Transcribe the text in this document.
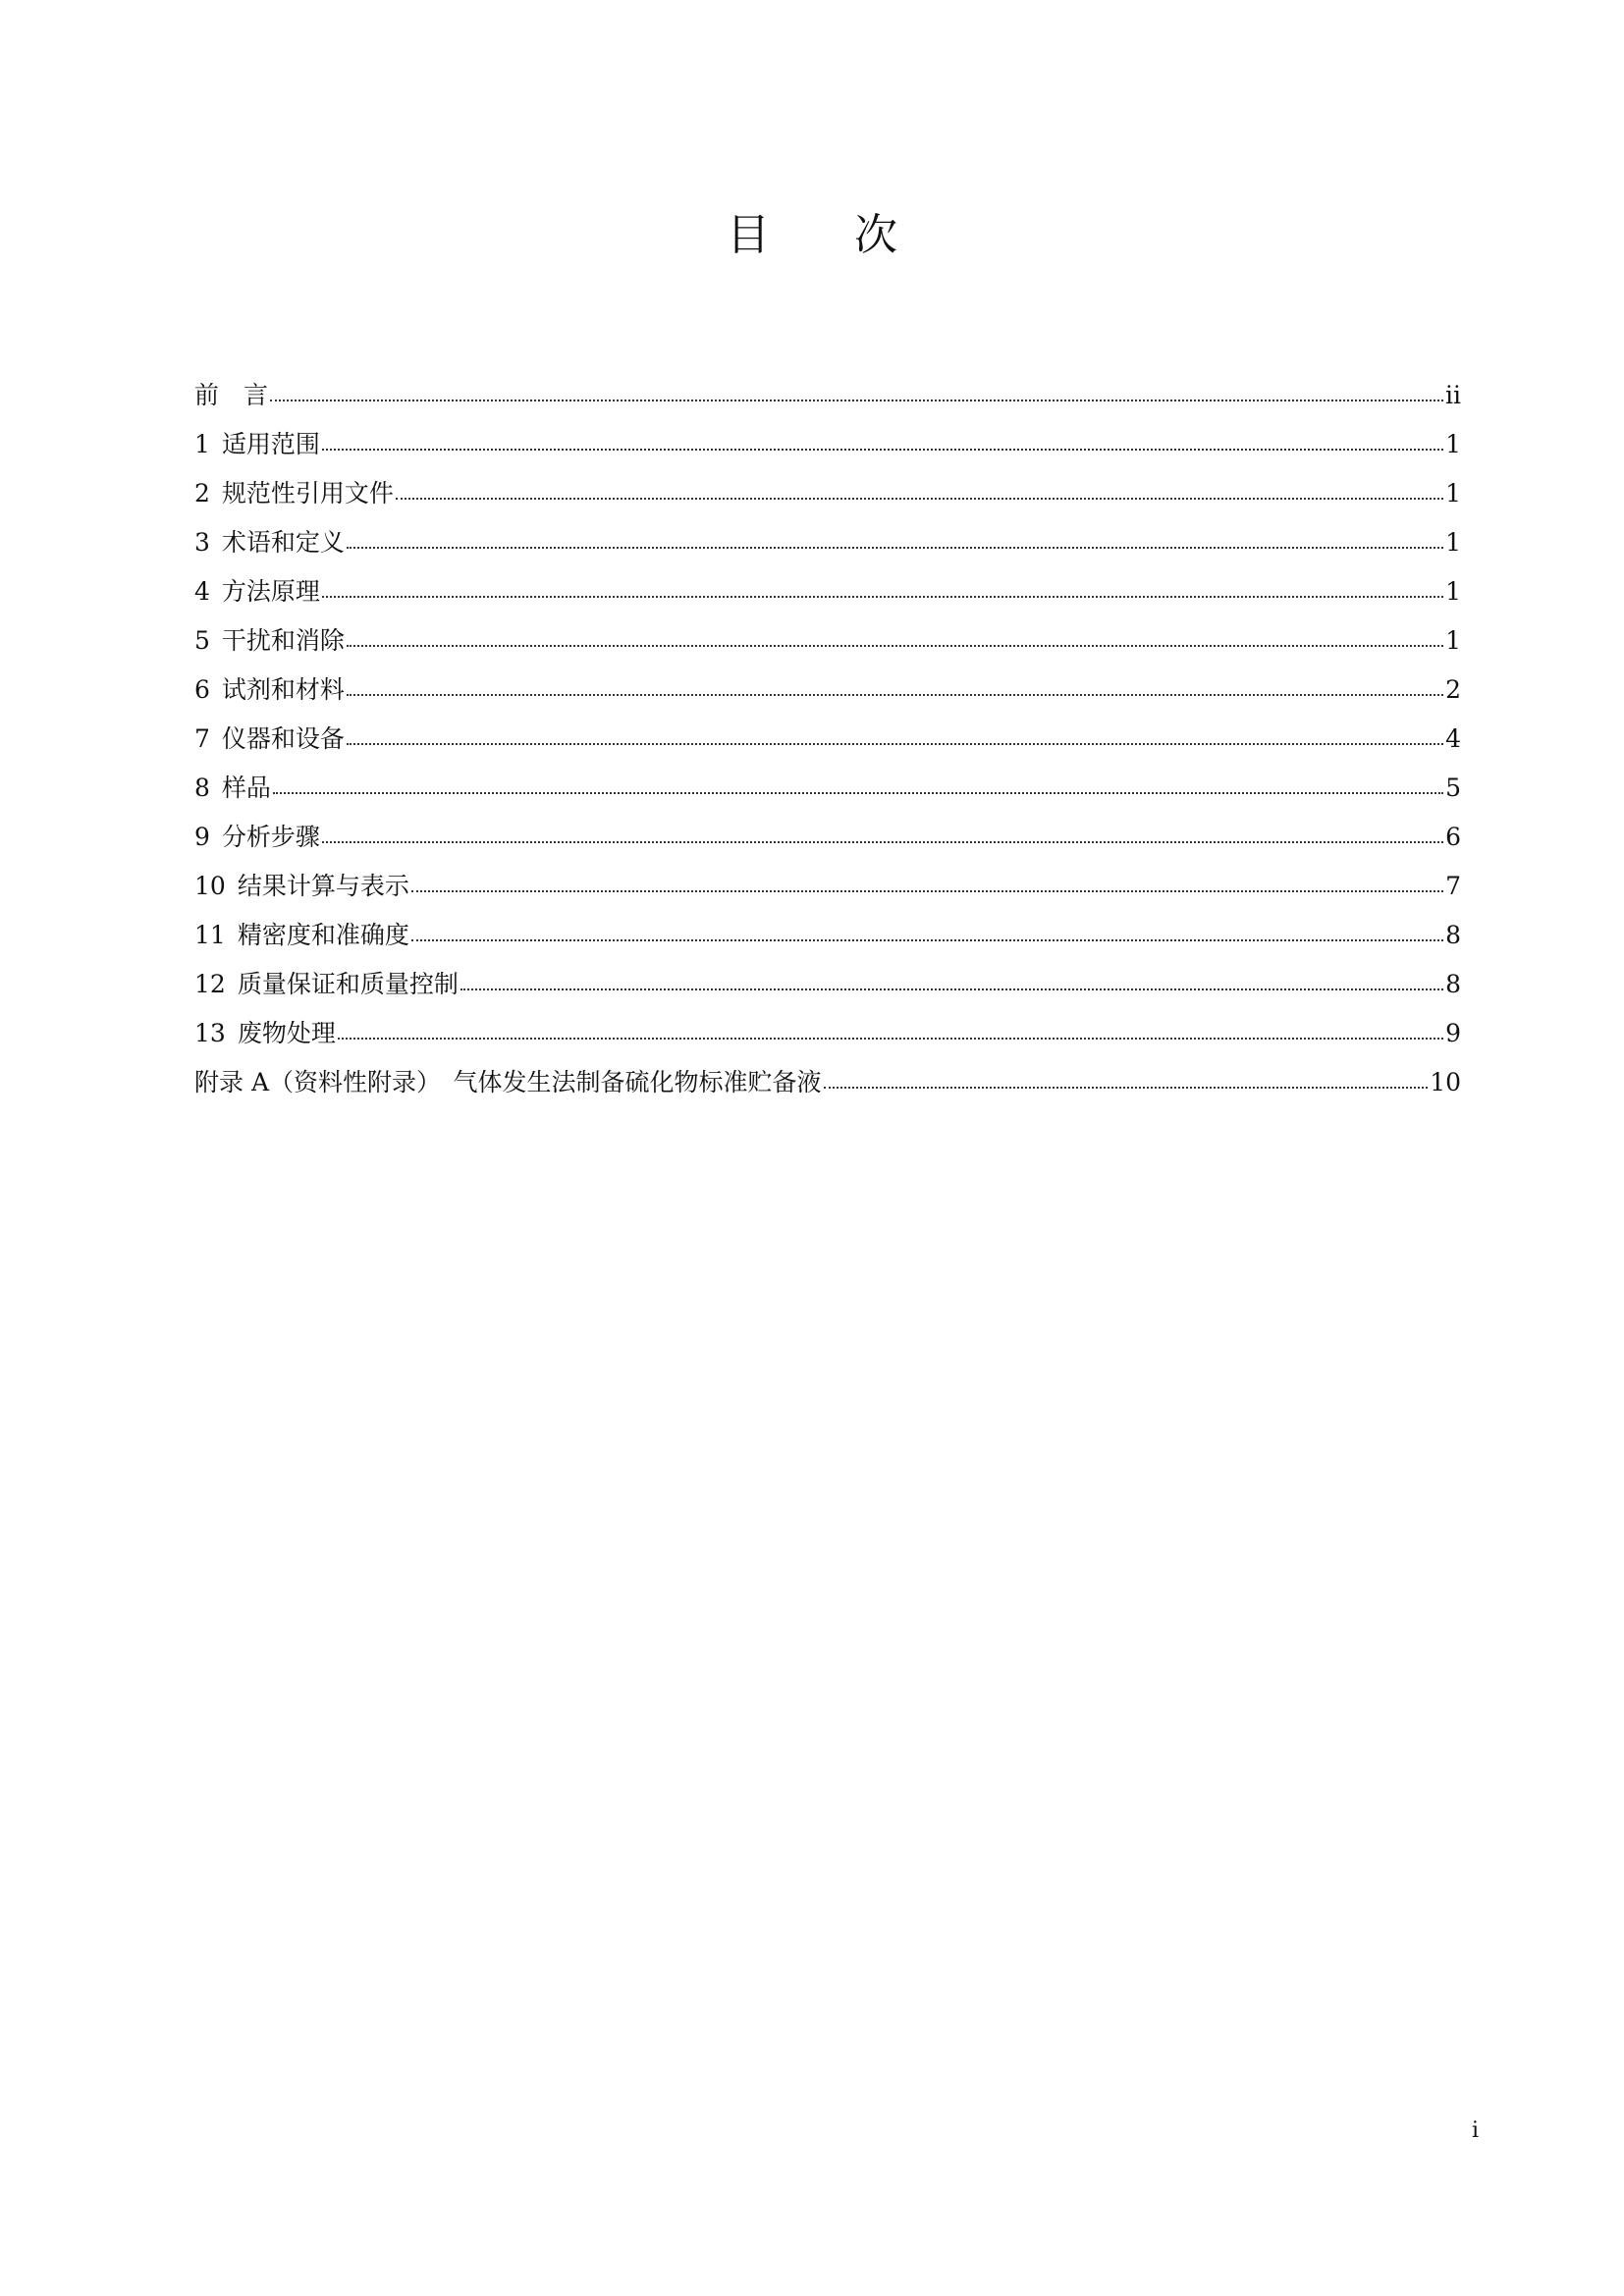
目 次
前　言	ii
1 适用范围	1
2 规范性引用文件	1
3 术语和定义	1
4 方法原理	1
5 干扰和消除	1
6 试剂和材料	2
7 仪器和设备	4
8 样品	5
9 分析步骤	6
10 结果计算与表示	7
11 精密度和准确度	8
12 质量保证和质量控制	8
13 废物处理	9
附录 A（资料性附录）　气体发生法制备硫化物标准贮备液	10
i
